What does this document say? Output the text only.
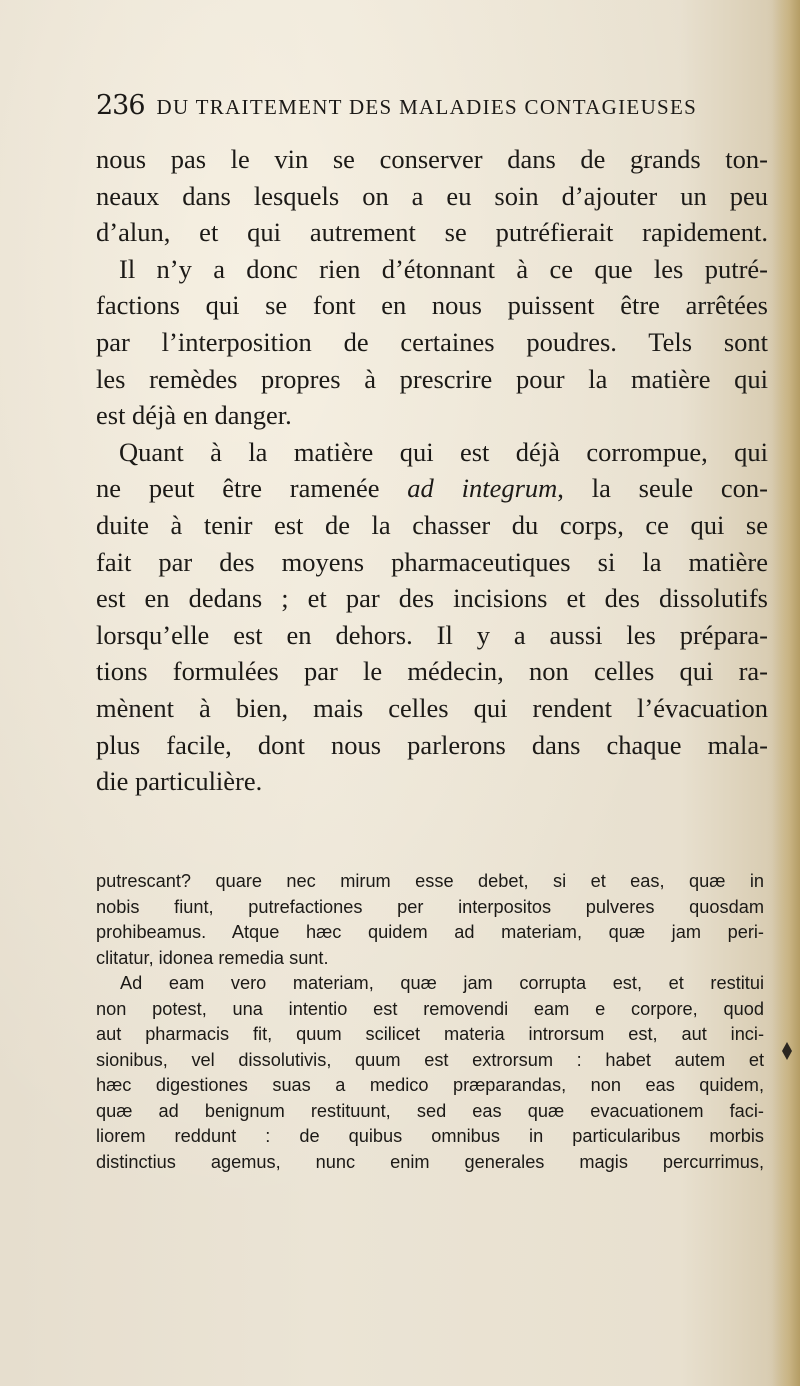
236 DU TRAITEMENT DES MALADIES CONTAGIEUSES
nous pas le vin se conserver dans de grands ton-
neaux dans lesquels on a eu soin d’ajouter un peu
d’alun, et qui autrement se putréfierait rapidement.
Il n’y a donc rien d’étonnant à ce que les putré-
factions qui se font en nous puissent être arrêtées
par l’interposition de certaines poudres. Tels sont
les remèdes propres à prescrire pour la matière qui
est déjà en danger.
Quant à la matière qui est déjà corrompue, qui
ne peut être ramenée ad integrum, la seule con-
duite à tenir est de la chasser du corps, ce qui se
fait par des moyens pharmaceutiques si la matière
est en dedans ; et par des incisions et des dissolutifs
lorsqu’elle est en dehors. Il y a aussi les prépara-
tions formulées par le médecin, non celles qui ra-
mènent à bien, mais celles qui rendent l’évacuation
plus facile, dont nous parlerons dans chaque mala-
die particulière.
putrescant? quare nec mirum esse debet, si et eas, quæ in
nobis fiunt, putrefactiones per interpositos pulveres quosdam
prohibeamus. Atque hæc quidem ad materiam, quæ jam peri-
clitatur, idonea remedia sunt.
Ad eam vero materiam, quæ jam corrupta est, et restitui
non potest, una intentio est removendi eam e corpore, quod
aut pharmacis fit, quum scilicet materia introrsum est, aut inci-
sionibus, vel dissolutivis, quum est extrorsum : habet autem et
hæc digestiones suas a medico præparandas, non eas quidem,
quæ ad benignum restituunt, sed eas quæ evacuationem faci-
liorem reddunt : de quibus omnibus in particularibus morbis
distinctius agemus, nunc enim generales magis percurrimus,
